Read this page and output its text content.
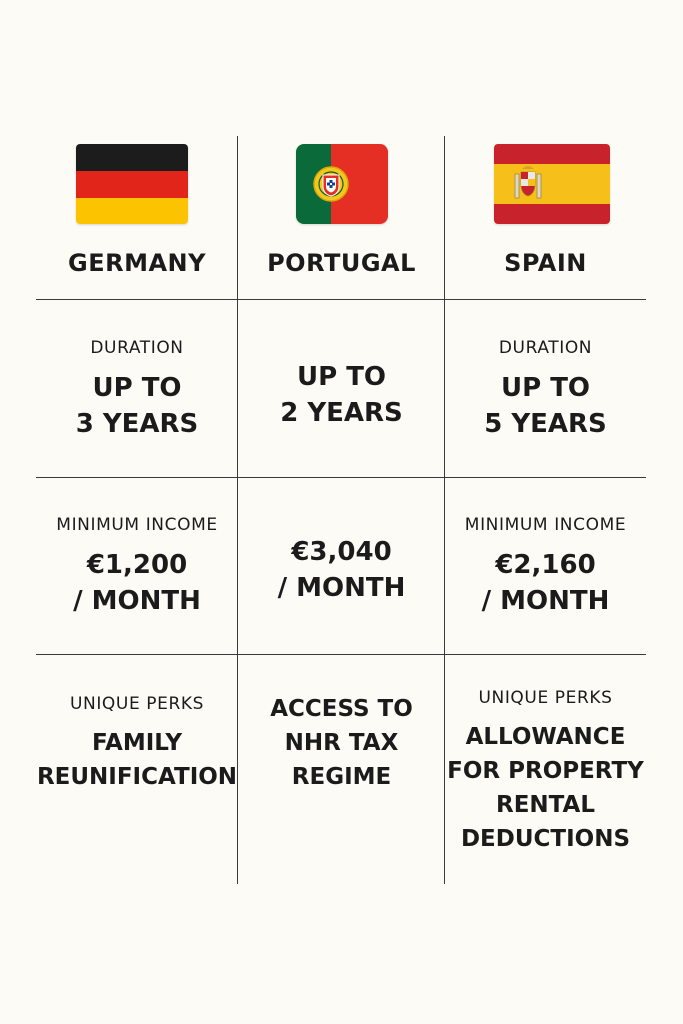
GERMANY	PORTUGAL	SPAIN
DURATION
UP TO
3 YEARS
UP TO
2 YEARS
DURATION
UP TO
5 YEARS
MINIMUM INCOME
€1,200
/ MONTH
€3,040
/ MONTH
MINIMUM INCOME
€2,160
/ MONTH
UNIQUE PERKS
FAMILY
REUNIFICATION
ACCESS TO
NHR TAX
REGIME
UNIQUE PERKS
ALLOWANCE
FOR PROPERTY
RENTAL
DEDUCTIONS
